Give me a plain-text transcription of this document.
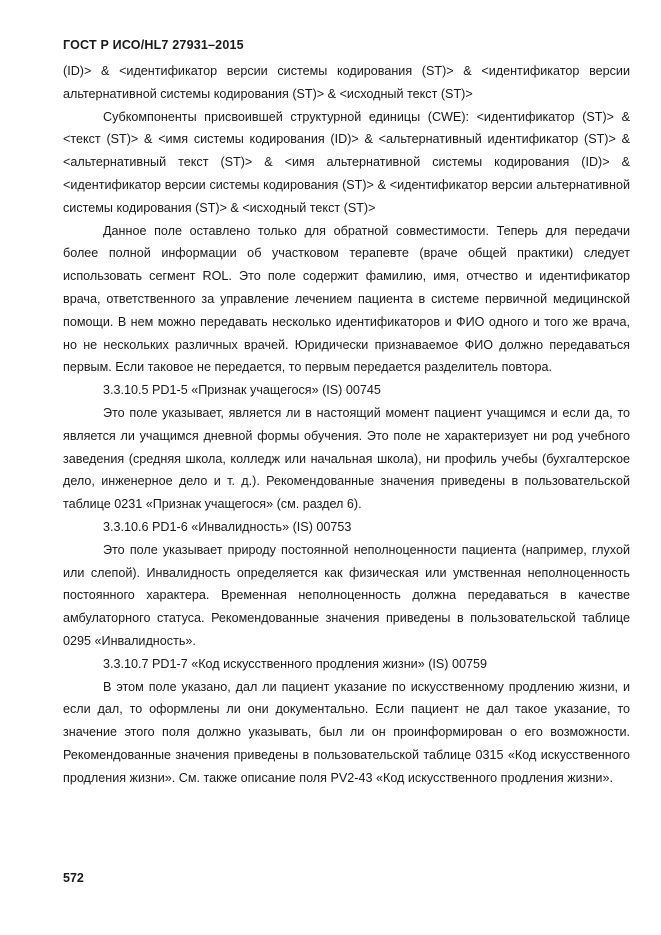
ГОСТ Р ИСО/HL7 27931–2015

(ID)> & <идентификатор версии системы кодирования (ST)> & <идентификатор версии альтернативной системы кодирования (ST)> & <исходный текст (ST)>

Субкомпоненты присвоившей структурной единицы (CWE): <идентификатор (ST)> & <текст (ST)> & <имя системы кодирования (ID)> & <альтернативный идентификатор (ST)> & <альтернативный текст (ST)> & <имя альтернативной системы кодирования (ID)> & <идентификатор версии системы кодирования (ST)> & <идентификатор версии альтернативной системы кодирования (ST)> & <исходный текст (ST)>

Данное поле оставлено только для обратной совместимости. Теперь для передачи более полной информации об участковом терапевте (враче общей практики) следует использовать сегмент ROL. Это поле содержит фамилию, имя, отчество и идентификатор врача, ответственного за управление лечением пациента в системе первичной медицинской помощи. В нем можно передавать несколько идентификаторов и ФИО одного и того же врача, но не нескольких различных врачей. Юридически признаваемое ФИО должно передаваться первым. Если таковое не передается, то первым передается разделитель повтора.

3.3.10.5 PD1-5 «Признак учащегося» (IS) 00745

Это поле указывает, является ли в настоящий момент пациент учащимся и если да, то является ли учащимся дневной формы обучения. Это поле не характеризует ни род учебного заведения (средняя школа, колледж или начальная школа), ни профиль учебы (бухгалтерское дело, инженерное дело и т. д.). Рекомендованные значения приведены в пользовательской таблице 0231 «Признак учащегося» (см. раздел 6).

3.3.10.6 PD1-6 «Инвалидность» (IS) 00753

Это поле указывает природу постоянной неполноценности пациента (например, глухой или слепой). Инвалидность определяется как физическая или умственная неполноценность постоянного характера. Временная неполноценность должна передаваться в качестве амбулаторного статуса. Рекомендованные значения приведены в пользовательской таблице 0295 «Инвалидность».

3.3.10.7 PD1-7 «Код искусственного продления жизни» (IS) 00759

В этом поле указано, дал ли пациент указание по искусственному продлению жизни, и если дал, то оформлены ли они документально. Если пациент не дал такое указание, то значение этого поля должно указывать, был ли он проинформирован о его возможности. Рекомендованные значения приведены в пользовательской таблице 0315 «Код искусственного продления жизни». См. также описание поля PV2-43 «Код искусственного продления жизни».

572
